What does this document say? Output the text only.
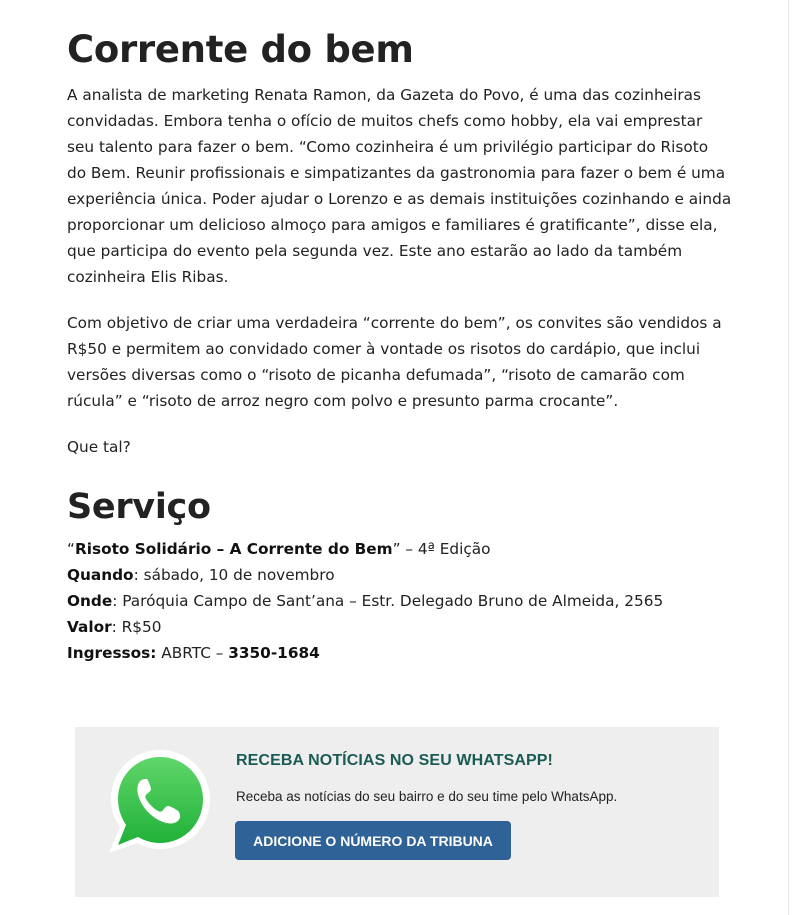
Corrente do bem

A analista de marketing Renata Ramon, da Gazeta do Povo, é uma das cozinheiras convidadas. Embora tenha o ofício de muitos chefs como hobby, ela vai emprestar seu talento para fazer o bem. “Como cozinheira é um privilégio participar do Risoto do Bem. Reunir profissionais e simpatizantes da gastronomia para fazer o bem é uma experiência única. Poder ajudar o Lorenzo e as demais instituições cozinhando e ainda proporcionar um delicioso almoço para amigos e familiares é gratificante”, disse ela, que participa do evento pela segunda vez. Este ano estarão ao lado da também cozinheira Elis Ribas.

Com objetivo de criar uma verdadeira “corrente do bem”, os convites são vendidos a R$50 e permitem ao convidado comer à vontade os risotos do cardápio, que inclui versões diversas como o “risoto de picanha defumada”, “risoto de camarão com rúcula” e “risoto de arroz negro com polvo e presunto parma crocante”.

Que tal?

Serviço
“Risoto Solidário – A Corrente do Bem” – 4ª Edição
Quando: sábado, 10 de novembro
Onde: Paróquia Campo de Sant’ana – Estr. Delegado Bruno de Almeida, 2565
Valor: R$50
Ingressos: ABRTC – 3350-1684
RECEBA NOTÍCIAS NO SEU WHATSAPP!
Receba as notícias do seu bairro e do seu time pelo WhatsApp.
ADICIONE O NÚMERO DA TRIBUNA
